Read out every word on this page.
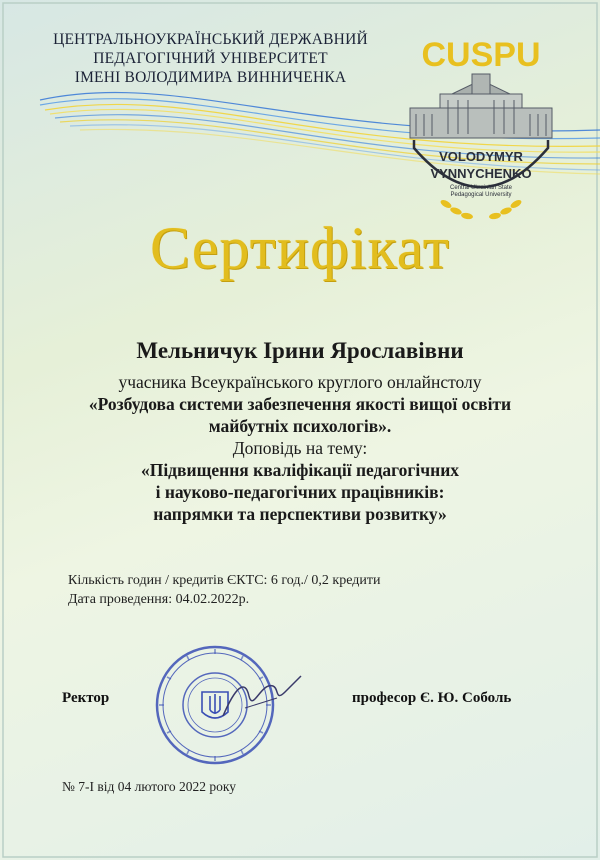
ЦЕНТРАЛЬНОУКРАЇНСЬКИЙ ДЕРЖАВНИЙ
ПЕДАГОГІЧНИЙ УНІВЕРСИТЕТ
ІМЕНІ ВОЛОДИМИРА ВИННИЧЕНКА
CUSPU
VOLODYMYR
VYNNYCHENKO
Central Ukrainian State
Pedagogical University
Сертифікат
Мельничук Ірини Ярославівни
учасника Всеукраїнського круглого онлайнстолу
«Розбудова системи забезпечення якості вищої освіти
майбутніх психологів».
Доповідь на тему:
«Підвищення кваліфікації педагогічних
і науково-педагогічних працівників:
напрямки та перспективи розвитку»
Кількість годин / кредитів ЄКТС: 6 год./ 0,2 кредити
Дата проведення: 04.02.2022р.
Ректор	професор Є. Ю. Соболь
№ 7-І від 04 лютого 2022 року
